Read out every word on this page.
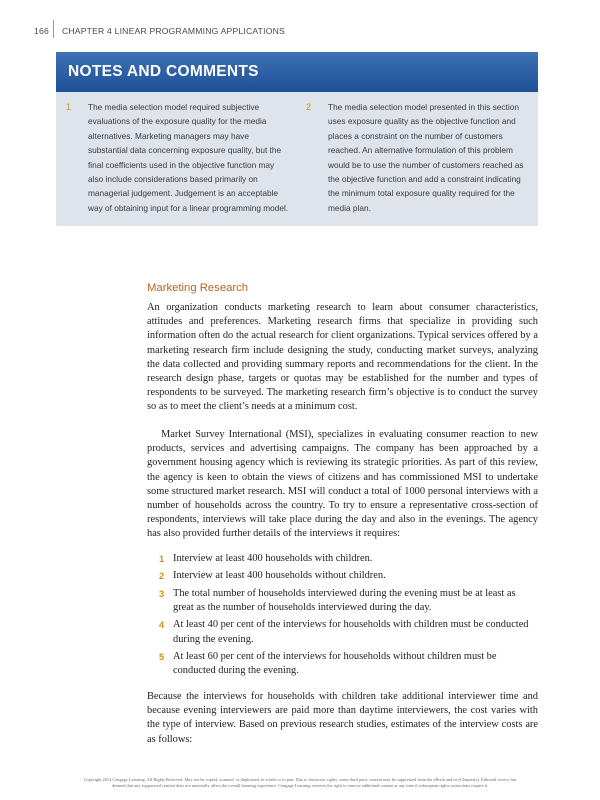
166 CHAPTER 4 LINEAR PROGRAMMING APPLICATIONS
NOTES AND COMMENTS
1 The media selection model required subjective evaluations of the exposure quality for the media alternatives. Marketing managers may have substantial data concerning exposure quality, but the final coefficients used in the objective function may also include considerations based primarily on managerial judgement. Judgement is an acceptable way of obtaining input for a linear programming model.
2 The media selection model presented in this section uses exposure quality as the objective function and places a constraint on the number of customers reached. An alternative formulation of this problem would be to use the number of customers reached as the objective function and add a constraint indicating the minimum total exposure quality required for the media plan.
Marketing Research

An organization conducts marketing research to learn about consumer characteristics, attitudes and preferences. Marketing research firms that specialize in providing such information often do the actual research for client organizations. Typical services offered by a marketing research firm include designing the study, conducting market surveys, analyzing the data collected and providing summary reports and recommendations for the client. In the research design phase, targets or quotas may be established for the number and types of respondents to be surveyed. The marketing research firm’s objective is to conduct the survey so as to meet the client’s needs at a minimum cost.

Market Survey International (MSI), specializes in evaluating consumer reaction to new products, services and advertising campaigns. The company has been approached by a government housing agency which is reviewing its strategic priorities. As part of this review, the agency is keen to obtain the views of citizens and has commissioned MSI to undertake some structured market research. MSI will conduct a total of 1000 personal interviews with a number of households across the country. To try to ensure a representative cross-section of respondents, interviews will take place during the day and also in the evenings. The agency has also provided further details of the interviews it requires:

1 Interview at least 400 households with children.
2 Interview at least 400 households without children.
3 The total number of households interviewed during the evening must be at least as great as the number of households interviewed during the day.
4 At least 40 per cent of the interviews for households with children must be conducted during the evening.
5 At least 60 per cent of the interviews for households without children must be conducted during the evening.

Because the interviews for households with children take additional interviewer time and because evening interviewers are paid more than daytime interviewers, the cost varies with the type of interview. Based on previous research studies, estimates of the interview costs are as follows:

Copyright 2014 Cengage Learning. All Rights Reserved. May not be copied, scanned, or duplicated, in whole or in part. Due to electronic rights, some third party content may be suppressed from the eBook and/or eChapter(s). Editorial review has
deemed that any suppressed content does not materially affect the overall learning experience. Cengage Learning reserves the right to remove additional content at any time if subsequent rights restrictions require it.
